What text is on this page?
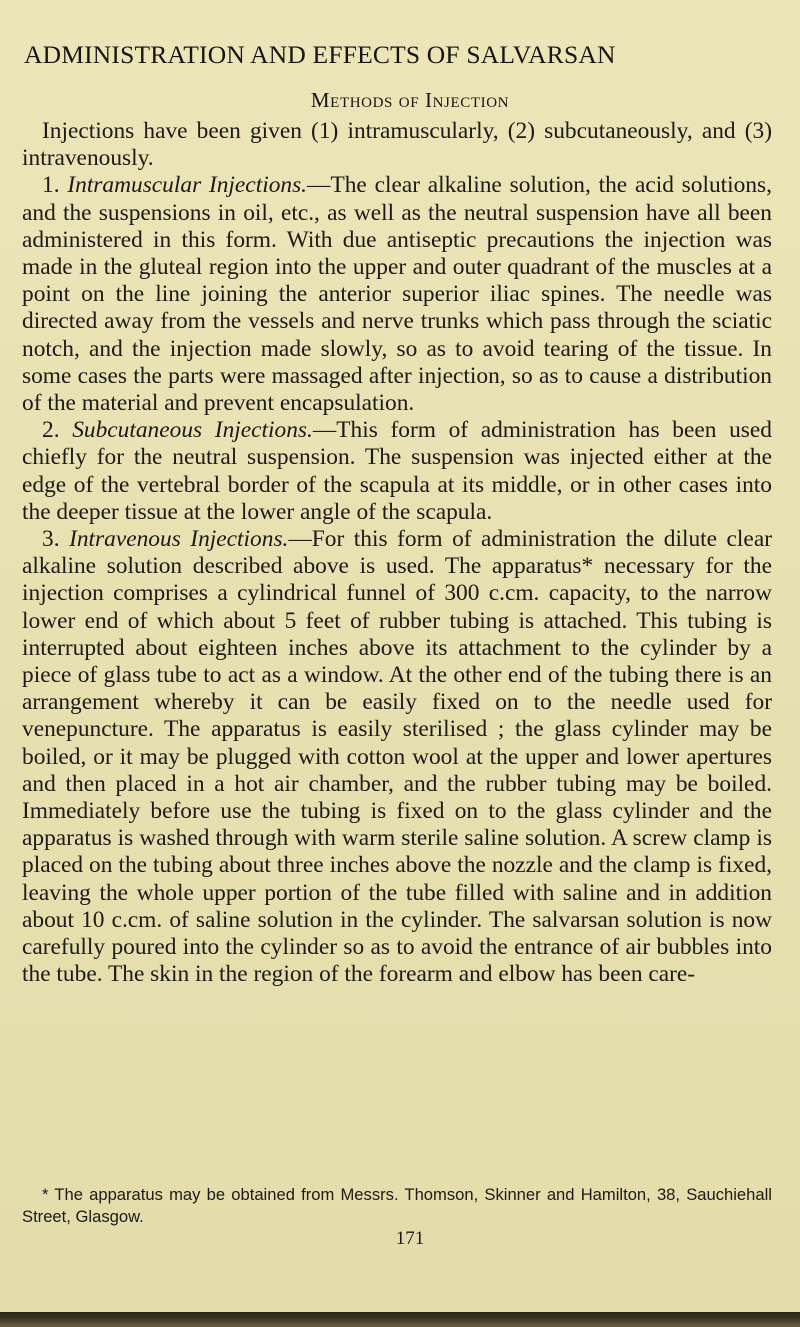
ADMINISTRATION AND EFFECTS OF SALVARSAN
Methods of Injection

Injections have been given (1) intramuscularly, (2) subcutaneously, and (3) intravenously.

1. Intramuscular Injections.—The clear alkaline solution, the acid solutions, and the suspensions in oil, etc., as well as the neutral suspension have all been administered in this form. With due antiseptic precautions the injection was made in the gluteal region into the upper and outer quadrant of the muscles at a point on the line joining the anterior superior iliac spines. The needle was directed away from the vessels and nerve trunks which pass through the sciatic notch, and the injection made slowly, so as to avoid tearing of the tissue. In some cases the parts were massaged after injection, so as to cause a distribution of the material and prevent encapsulation.

2. Subcutaneous Injections.—This form of administration has been used chiefly for the neutral suspension. The suspension was injected either at the edge of the vertebral border of the scapula at its middle, or in other cases into the deeper tissue at the lower angle of the scapula.

3. Intravenous Injections.—For this form of administration the dilute clear alkaline solution described above is used. The apparatus* necessary for the injection comprises a cylindrical funnel of 300 c.cm. capacity, to the narrow lower end of which about 5 feet of rubber tubing is attached. This tubing is interrupted about eighteen inches above its attachment to the cylinder by a piece of glass tube to act as a window. At the other end of the tubing there is an arrangement whereby it can be easily fixed on to the needle used for venepuncture. The apparatus is easily sterilised ; the glass cylinder may be boiled, or it may be plugged with cotton wool at the upper and lower apertures and then placed in a hot air chamber, and the rubber tubing may be boiled. Immediately before use the tubing is fixed on to the glass cylinder and the apparatus is washed through with warm sterile saline solution. A screw clamp is placed on the tubing about three inches above the nozzle and the clamp is fixed, leaving the whole upper portion of the tube filled with saline and in addition about 10 c.cm. of saline solution in the cylinder. The salvarsan solution is now carefully poured into the cylinder so as to avoid the entrance of air bubbles into the tube. The skin in the region of the forearm and elbow has been care-

* The apparatus may be obtained from Messrs. Thomson, Skinner and Hamilton, 38, Sauchiehall Street, Glasgow.

171
